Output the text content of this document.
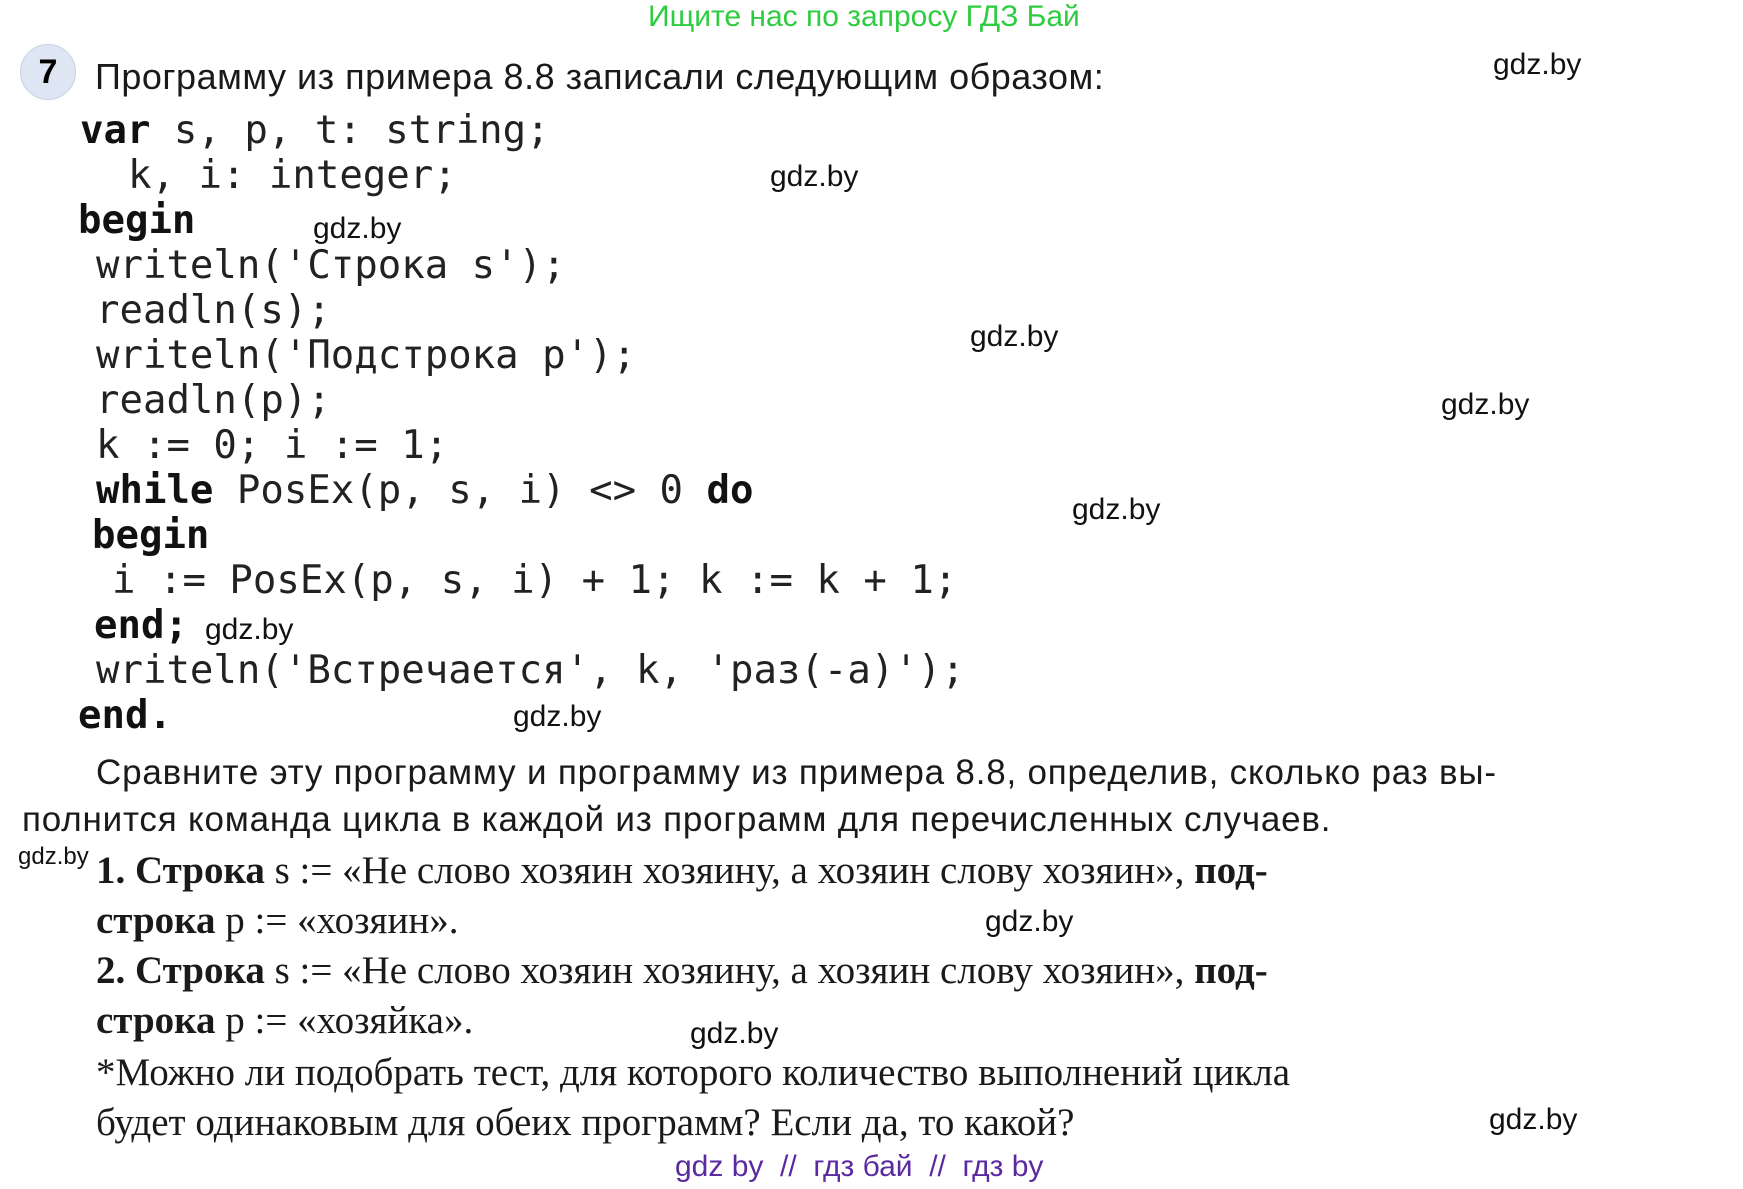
Ищите нас по запросу ГДЗ Бай
7 Программу из примера 8.8 записали следующим образом:
var s, p, t: string;
k, i: integer;
begin
writeln('Строка s');
readln(s);
writeln('Подстрока p');
readln(p);
k := 0; i := 1;
while PosEx(p, s, i) <> 0 do
begin
i := PosEx(p, s, i) + 1; k := k + 1;
end;
writeln('Встречается', k, 'раз(-а)');
end.
Сравните эту программу и программу из примера 8.8, определив, сколько раз вы-
полнится команда цикла в каждой из программ для перечисленных случаев.
1. Строка s := «Не слово хозяин хозяину, а хозяин слову хозяин», под-
строка p := «хозяин».
2. Строка s := «Не слово хозяин хозяину, а хозяин слову хозяин», под-
строка p := «хозяйка».
*Можно ли подобрать тест, для которого количество выполнений цикла
будет одинаковым для обеих программ? Если да, то какой?
gdz.by
gdz.by
gdz.by
gdz.by
gdz.by
gdz.by
gdz.by
gdz.by
gdz.by
gdz.by
gdz.by
gdz.by
gdz by  //  гдз бай  //  гдз by
